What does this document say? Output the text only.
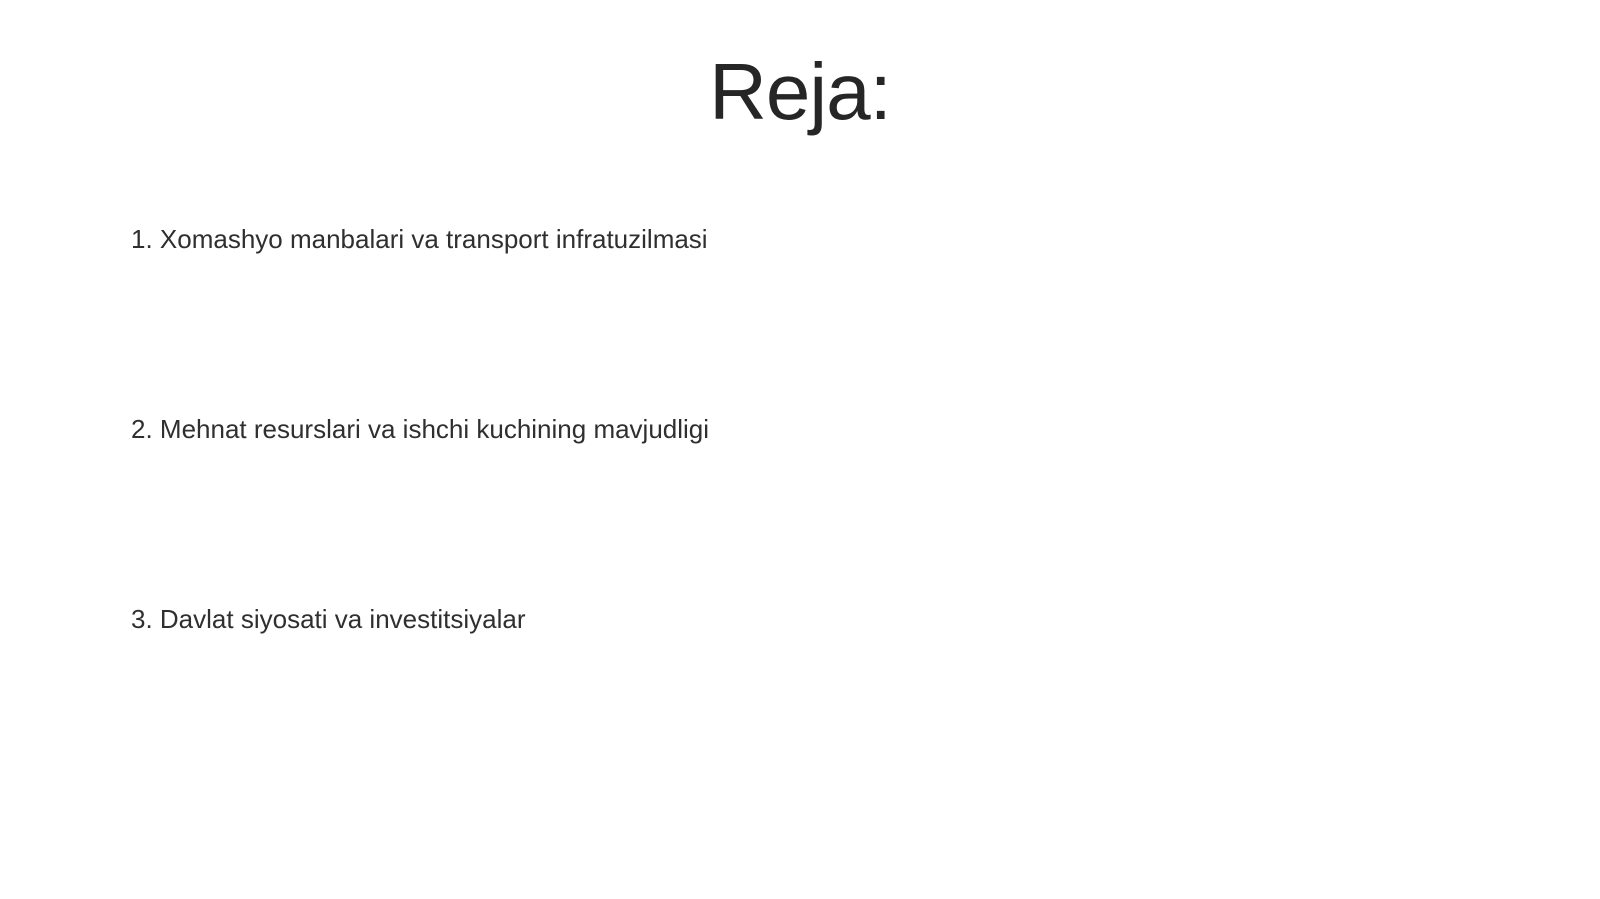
Reja:
1. Xomashyo manbalari va transport infratuzilmasi
2. Mehnat resurslari va ishchi kuchining mavjudligi
3. Davlat siyosati va investitsiyalar
